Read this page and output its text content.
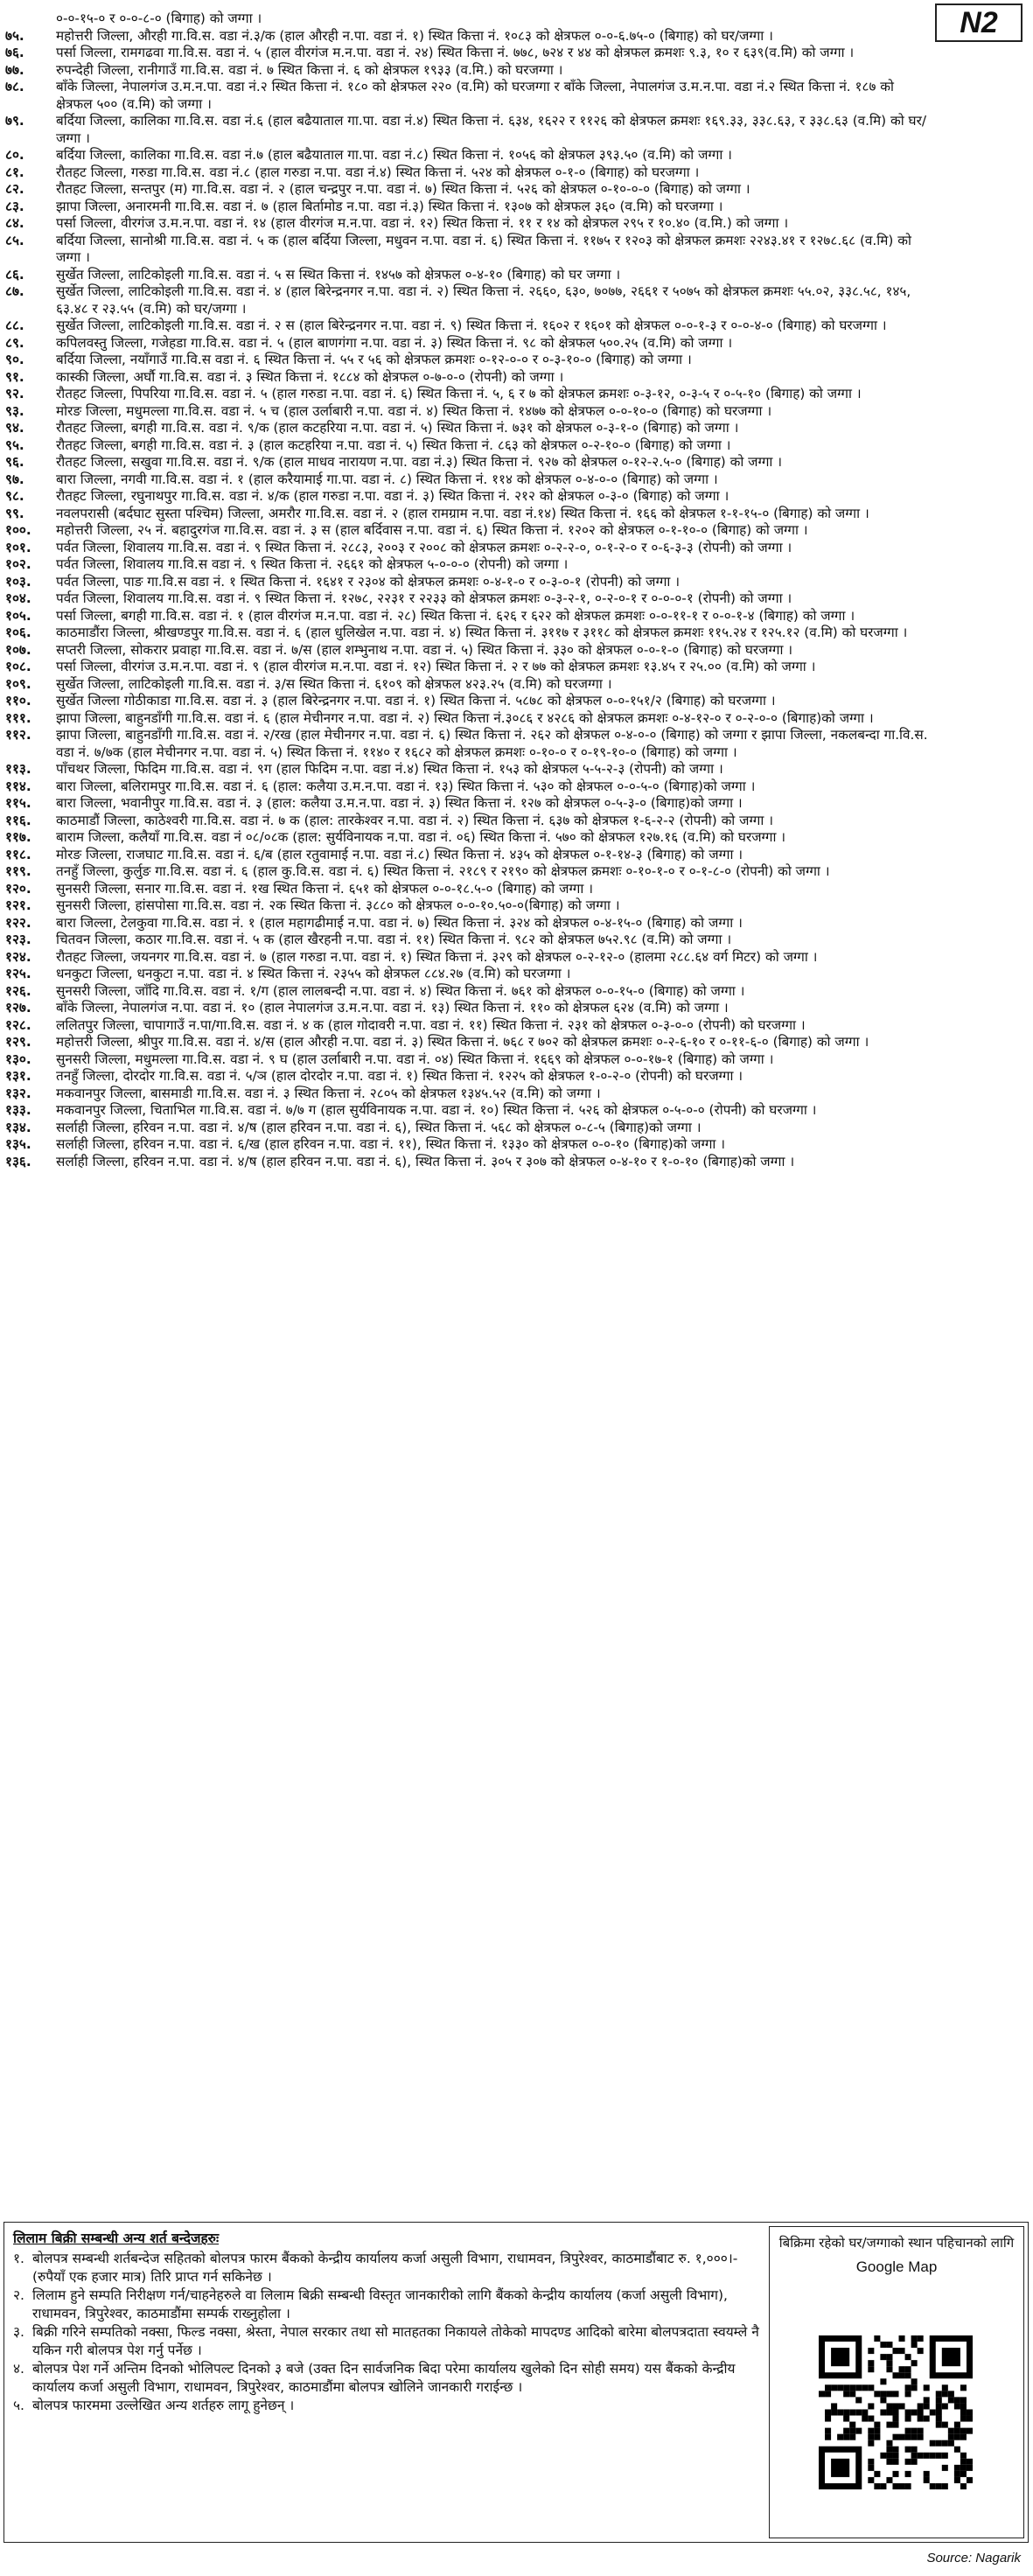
N2
०-०-१५-० र ०-०-८-० (बिगाह) को जग्गा ।
७५.	महोत्तरी जिल्ला, औरही गा.वि.स. वडा नं.३/क (हाल औरही न.पा. वडा नं. १) स्थित कित्ता नं. १०८३ को क्षेत्रफल ०-०-६.७५-० (बिगाह) को घर/जग्गा ।
७६.	पर्सा जिल्ला, रामगढवा गा.वि.स. वडा नं. ५ (हाल वीरगंज म.न.पा. वडा नं. २४) स्थित कित्ता नं. ७७८, ७२४ र ४४ को क्षेत्रफल क्रमशः ९.३, १० र ६३९(व.मि) को जग्गा ।
७७.	रुपन्देही जिल्ला, रानीगाउँ गा.वि.स. वडा नं. ७ स्थित कित्ता नं. ६ को क्षेत्रफल १९३३ (व.मि.) को घरजग्गा ।
७८.	बाँके जिल्ला, नेपालगंज उ.म.न.पा. वडा नं.२ स्थित कित्ता नं. १८० को क्षेत्रफल २२० (व.मि) को घरजग्गा र बाँके जिल्ला, नेपालगंज उ.म.न.पा. वडा नं.२ स्थित कित्ता नं. १८७ को क्षेत्रफल ५०० (व.मि) को जग्गा ।
७९.	बर्दिया जिल्ला, कालिका गा.वि.स. वडा नं.६ (हाल बढैयाताल गा.पा. वडा नं.४) स्थित कित्ता नं. ६३४, १६२२ र ११२६ को क्षेत्रफल क्रमशः १६९.३३, ३३८.६३, र ३३८.६३ (व.मि) को घर/जग्गा ।
८०.	बर्दिया जिल्ला, कालिका गा.वि.स. वडा नं.७ (हाल बढैयाताल गा.पा. वडा नं.८) स्थित कित्ता नं. १०५६ को क्षेत्रफल ३९३.५० (व.मि) को जग्गा ।
८१.	रौतहट जिल्ला, गरुडा गा.वि.स. वडा नं.८ (हाल गरुडा न.पा. वडा नं.४) स्थित कित्ता नं. ५२४ को क्षेत्रफल ०-१-० (बिगाह) को घरजग्गा ।
८२.	रौतहट जिल्ला, सन्तपुर (म) गा.वि.स. वडा नं. २ (हाल चन्द्रपुर न.पा. वडा नं. ७) स्थित कित्ता नं. ५२६ को क्षेत्रफल ०-१०-०-० (बिगाह) को जग्गा ।
८३.	झापा जिल्ला, अनारमनी गा.वि.स. वडा नं. ७ (हाल बिर्तामोड न.पा. वडा नं.३) स्थित कित्ता नं. १३०७ को क्षेत्रफल ३६० (व.मि) को घरजग्गा ।
८४.	पर्सा जिल्ला, वीरगंज उ.म.न.पा. वडा नं. १४ (हाल वीरगंज म.न.पा. वडा नं. १२) स्थित कित्ता नं. ११ र १४ को क्षेत्रफल २९५ र १०.४० (व.मि.) को जग्गा ।
८५.	बर्दिया जिल्ला, सानोश्री गा.वि.स. वडा नं. ५ क (हाल बर्दिया जिल्ला, मधुवन न.पा. वडा नं. ६) स्थित कित्ता नं. ११७५ र १२०३ को क्षेत्रफल क्रमशः २२४३.४१ र १२७८.६८ (व.मि) को जग्गा ।
८६.	सुर्खेत जिल्ला, लाटिकोइली गा.वि.स. वडा नं. ५ स स्थित कित्ता नं. १४५७ को क्षेत्रफल ०-४-१० (बिगाह) को घर जग्गा ।
८७.	सुर्खेत जिल्ला, लाटिकोइली गा.वि.स. वडा नं. ४ (हाल बिरेन्द्रनगर न.पा. वडा नं. २) स्थित कित्ता नं. २६६०, ६३०, ७०७७, २६६१ र ५०७५ को क्षेत्रफल क्रमशः ५५.०२, ३३८.५८, १४५, ६३.४८ र २३.५५ (व.मि) को घर/जग्गा ।
८८.	सुर्खेत जिल्ला, लाटिकोइली गा.वि.स. वडा नं. २ स (हाल बिरेन्द्रनगर न.पा. वडा नं. ९) स्थित कित्ता नं. १६०२ र १६०१ को क्षेत्रफल ०-०-१-३ र ०-०-४-० (बिगाह) को घरजग्गा ।
८९.	कपिलवस्तु जिल्ला, गजेहडा गा.वि.स. वडा नं. ५ (हाल बाणगंगा न.पा. वडा नं. ३) स्थित कित्ता नं. ९८ को क्षेत्रफल ५००.२५ (व.मि) को जग्गा ।
९०.	बर्दिया जिल्ला, नयाँगाउँ गा.वि.स वडा नं. ६ स्थित कित्ता नं. ५५ र ५६ को क्षेत्रफल क्रमशः ०-१२-०-० र ०-३-१०-० (बिगाह) को जग्गा ।
९१.	कास्की जिल्ला, अर्घौ गा.वि.स. वडा नं. ३ स्थित कित्ता नं. १८८४ को क्षेत्रफल ०-७-०-० (रोपनी) को जग्गा ।
९२.	रौतहट जिल्ला, पिपरिया गा.वि.स. वडा नं. ५ (हाल गरुडा न.पा. वडा नं. ६) स्थित कित्ता नं. ५, ६ र ७ को क्षेत्रफल क्रमशः ०-३-१२, ०-३-५ र ०-५-१० (बिगाह) को जग्गा ।
९३.	मोरङ जिल्ला, मधुमल्ला गा.वि.स. वडा नं. ५ च (हाल उर्लाबारी न.पा. वडा नं. ४) स्थित कित्ता नं. १४७७ को क्षेत्रफल ०-०-१०-० (बिगाह) को घरजग्गा ।
९४.	रौतहट जिल्ला, बगही गा.वि.स. वडा नं. ९/क (हाल कटहरिया न.पा. वडा नं. ५) स्थित कित्ता नं. ७३१ को क्षेत्रफल ०-३-१-० (बिगाह) को जग्गा ।
९५.	रौतहट जिल्ला, बगही गा.वि.स. वडा नं. ३ (हाल कटहरिया न.पा. वडा नं. ५) स्थित कित्ता नं. ८६३ को क्षेत्रफल ०-२-१०-० (बिगाह) को जग्गा ।
९६.	रौतहट जिल्ला, सखुवा गा.वि.स. वडा नं. ९/क (हाल माधव नारायण न.पा. वडा नं.३) स्थित कित्ता नं. ९२७ को क्षेत्रफल ०-१२-२.५-० (बिगाह) को जग्गा ।
९७.	बारा जिल्ला, नगवी गा.वि.स. वडा नं. १ (हाल करैयामाई गा.पा. वडा नं. ८) स्थित कित्ता नं. ११४ को क्षेत्रफल ०-४-०-० (बिगाह) को जग्गा ।
९८.	रौतहट जिल्ला, रघुनाथपुर गा.वि.स. वडा नं. ४/क (हाल गरुडा न.पा. वडा नं. ३) स्थित कित्ता नं. २१२ को क्षेत्रफल ०-३-० (बिगाह) को जग्गा ।
९९.	नवलपरासी (बर्दघाट सुस्ता पश्चिम) जिल्ला, अमरौर गा.वि.स. वडा नं. २ (हाल रामग्राम न.पा. वडा नं.१४) स्थित कित्ता नं. १६६ को क्षेत्रफल १-१-१५-० (बिगाह) को जग्गा ।
१००.	महोत्तरी जिल्ला, २५ नं. बहादुरगंज गा.वि.स. वडा नं. ३ स (हाल बर्दिवास न.पा. वडा नं. ६) स्थित कित्ता नं. १२०२ को क्षेत्रफल ०-१-१०-० (बिगाह) को जग्गा ।
१०१.	पर्वत जिल्ला, शिवालय गा.वि.स. वडा नं. ९ स्थित कित्ता नं. २८८३, २००३ र २००८ को क्षेत्रफल क्रमशः ०-२-२-०, ०-१-२-० र ०-६-३-३ (रोपनी) को जग्गा ।
१०२.	पर्वत जिल्ला, शिवालय गा.वि.स वडा नं. ९ स्थित कित्ता नं. २६६१ को क्षेत्रफल ५-०-०-० (रोपनी) को जग्गा ।
१०३.	पर्वत जिल्ला, पाङ गा.वि.स वडा नं. १ स्थित कित्ता नं. १६४१ र २३०४ को क्षेत्रफल क्रमशः ०-४-१-० र ०-३-०-१ (रोपनी) को जग्गा ।
१०४.	पर्वत जिल्ला, शिवालय गा.वि.स. वडा नं. ९ स्थित कित्ता नं. १२७८, २२३१ र २२३३ को क्षेत्रफल क्रमशः ०-३-२-१, ०-२-०-१ र ०-०-०-१ (रोपनी) को जग्गा ।
१०५.	पर्सा जिल्ला, बगही गा.वि.स. वडा नं. १ (हाल वीरगंज म.न.पा. वडा नं. २८) स्थित कित्ता नं. ६२६ र ६२२ को क्षेत्रफल क्रमशः ०-०-११-१ र ०-०-१-४ (बिगाह) को जग्गा ।
१०६.	काठमाडौंरा जिल्ला, श्रीखण्डपुर गा.वि.स. वडा नं. ६ (हाल धुलिखेल न.पा. वडा नं. ४) स्थित कित्ता नं. ३११७ र ३११८ को क्षेत्रफल क्रमशः ११५.२४ र १२५.१२ (व.मि) को घरजग्गा ।
१०७.	सप्तरी जिल्ला, सोकरार प्रवाहा गा.वि.स. वडा नं. ७/स (हाल शम्भुनाथ न.पा. वडा नं. ५) स्थित कित्ता नं. ३३० को क्षेत्रफल ०-०-१-० (बिगाह) को घरजग्गा ।
१०८.	पर्सा जिल्ला, वीरगंज उ.म.न.पा. वडा नं. ९ (हाल वीरगंज म.न.पा. वडा नं. १२) स्थित कित्ता नं. २ र ७७ को क्षेत्रफल क्रमशः १३.४५ र २५.०० (व.मि) को जग्गा ।
१०९.	सुर्खेत जिल्ला, लाटिकोइली गा.वि.स. वडा नं. ३/स स्थित कित्ता नं. ६१०९ को क्षेत्रफल ४२३.२५ (व.मि) को घरजग्गा ।
११०.	सुर्खेत जिल्ला गोठीकाडा गा.वि.स. वडा नं. ३ (हाल बिरेन्द्रनगर न.पा. वडा नं. १) स्थित कित्ता नं. ५८७८ को क्षेत्रफल ०-०-१५१/२ (बिगाह) को घरजग्गा ।
१११.	झापा जिल्ला, बाहुनडाँगी गा.वि.स. वडा नं. ६ (हाल मेचीनगर न.पा. वडा नं. २) स्थित कित्ता नं.३०८६ र ४२८६ को क्षेत्रफल क्रमशः ०-४-१२-० र ०-२-०-० (बिगाह)को जग्गा ।
११२.	झापा जिल्ला, बाहुनडाँगी गा.वि.स. वडा नं. २/रख (हाल मेचीनगर न.पा. वडा नं. ६) स्थित कित्ता नं. २६२ को क्षेत्रफल ०-४-०-० (बिगाह) को जग्गा र झापा जिल्ला, नकलबन्दा गा.वि.स. वडा नं. ७/७क (हाल मेचीनगर न.पा. वडा नं. ५) स्थित कित्ता नं. ११४० र १६८२ को क्षेत्रफल क्रमशः ०-१०-० र ०-१९-१०-० (बिगाह) को जग्गा ।
११३.	पाँचथर जिल्ला, फिदिम गा.वि.स. वडा नं. ९ग (हाल फिदिम न.पा. वडा नं.४) स्थित कित्ता नं. १५३ को क्षेत्रफल ५-५-२-३ (रोपनी) को जग्गा ।
११४.	बारा जिल्ला, बलिरामपुर गा.वि.स. वडा नं. ६ (हाल: कलैया उ.म.न.पा. वडा नं. १३) स्थित कित्ता नं. ५३० को क्षेत्रफल ०-०-५-० (बिगाह)को जग्गा ।
११५.	बारा जिल्ला, भवानीपुर गा.वि.स. वडा नं. ३ (हाल: कलैया उ.म.न.पा. वडा नं. ३) स्थित कित्ता नं. १२७ को क्षेत्रफल ०-५-३-० (बिगाह)को जग्गा ।
११६.	काठमाडौं जिल्ला, काठेश्वरी गा.वि.स. वडा नं. ७ क (हाल: तारकेश्वर न.पा. वडा नं. २) स्थित कित्ता नं. ६३७ को क्षेत्रफल १-६-२-२ (रोपनी) को जग्गा ।
११७.	बाराम जिल्ला, कलैयाँ गा.वि.स. वडा नं ०८/०८क (हाल: सुर्यविनायक न.पा. वडा नं. ०६) स्थित कित्ता नं. ५७० को क्षेत्रफल १२७.१६ (व.मि) को घरजग्गा ।
११८.	मोरङ जिल्ला, राजघाट गा.वि.स. वडा नं. ६/ब (हाल रतुवामाई न.पा. वडा नं.८) स्थित कित्ता नं. ४३५ को क्षेत्रफल ०-१-१४-३ (बिगाह) को जग्गा ।
११९.	तनहुँ जिल्ला, कुर्लुङ गा.वि.स. वडा नं. ६ (हाल कु.वि.स. वडा नं. ६) स्थित कित्ता नं. २१८९ र २१९० को क्षेत्रफल क्रमशः ०-१०-१-० र ०-१-८-० (रोपनी) को जग्गा ।
१२०.	सुनसरी जिल्ला, सनार गा.वि.स. वडा नं. १ख स्थित कित्ता नं. ६५१ को क्षेत्रफल ०-०-१८.५-० (बिगाह) को जग्गा ।
१२१.	सुनसरी जिल्ला, हांसपोसा गा.वि.स. वडा नं. २क स्थित कित्ता नं. ३८८० को क्षेत्रफल ०-०-१०.५०-०(बिगाह) को जग्गा ।
१२२.	बारा जिल्ला, टेलकुवा गा.वि.स. वडा नं. १ (हाल महागढीमाई न.पा. वडा नं. ७) स्थित कित्ता नं. ३२४ को क्षेत्रफल ०-४-१५-० (बिगाह) को जग्गा ।
१२३.	चितवन जिल्ला, कठार गा.वि.स. वडा नं. ५ क (हाल खैरहनी न.पा. वडा नं. ११) स्थित कित्ता नं. ९८२ को क्षेत्रफल ७५२.९८ (व.मि) को जग्गा ।
१२४.	रौतहट जिल्ला, जयनगर गा.वि.स. वडा नं. ७ (हाल गरुडा न.पा. वडा नं. १) स्थित कित्ता नं. ३२९ को क्षेत्रफल ०-२-१२-० (हालमा २८८.६४ वर्ग मिटर) को जग्गा ।
१२५.	धनकुटा जिल्ला, धनकुटा न.पा. वडा नं. ४ स्थित कित्ता नं. २३५५ को क्षेत्रफल ८८४.२७ (व.मि) को घरजग्गा ।
१२६.	सुनसरी जिल्ला, जाँदि गा.वि.स. वडा नं. १/ग (हाल लालबन्दी न.पा. वडा नं. ४) स्थित कित्ता नं. ७६१ को क्षेत्रफल ०-०-१५-० (बिगाह) को जग्गा ।
१२७.	बाँके जिल्ला, नेपालगंज न.पा. वडा नं. १० (हाल नेपालगंज उ.म.न.पा. वडा नं. १३) स्थित कित्ता नं. ११० को क्षेत्रफल ६२४ (व.मि) को जग्गा ।
१२८.	ललितपुर जिल्ला, चापागाउँ न.पा/गा.वि.स. वडा नं. ४ क (हाल गोदावरी न.पा. वडा नं. ११) स्थित कित्ता नं. २३१ को क्षेत्रफल ०-३-०-० (रोपनी) को घरजग्गा ।
१२९.	महोत्तरी जिल्ला, श्रीपुर गा.वि.स. वडा नं. ४/स (हाल औरही न.पा. वडा नं. ३) स्थित कित्ता नं. ७६८ र ७०२ को क्षेत्रफल क्रमशः ०-२-६-१० र ०-११-६-० (बिगाह) को जग्गा ।
१३०.	सुनसरी जिल्ला, मधुमल्ला गा.वि.स. वडा नं. ९ घ (हाल उर्लाबारी न.पा. वडा नं. ०४) स्थित कित्ता नं. १६६९ को क्षेत्रफल ०-०-१७-१ (बिगाह) को जग्गा ।
१३१.	तनहुँ जिल्ला, दोरदोर गा.वि.स. वडा नं. ५/ञ (हाल दोरदोर न.पा. वडा नं. १) स्थित कित्ता नं. १२२५ को क्षेत्रफल १-०-२-० (रोपनी) को घरजग्गा ।
१३२.	मकवानपुर जिल्ला, बासमाडी गा.वि.स. वडा नं. ३ स्थित कित्ता नं. २८०५ को क्षेत्रफल १३४५.५२ (व.मि) को जग्गा ।
१३३.	मकवानपुर जिल्ला, चिताभिल गा.वि.स. वडा नं. ७/७ ग (हाल सुर्यविनायक न.पा. वडा नं. १०) स्थित कित्ता नं. ५२६ को क्षेत्रफल ०-५-०-० (रोपनी) को घरजग्गा ।
१३४.	सर्लाही जिल्ला, हरिवन न.पा. वडा नं. ४/ष (हाल हरिवन न.पा. वडा नं. ६), स्थित कित्ता नं. ५६८ को क्षेत्रफल ०-८-५ (बिगाह)को जग्गा ।
१३५.	सर्लाही जिल्ला, हरिवन न.पा. वडा नं. ६/ख (हाल हरिवन न.पा. वडा नं. ११), स्थित कित्ता नं. १३३० को क्षेत्रफल ०-०-१० (बिगाह)को जग्गा ।
१३६.	सर्लाही जिल्ला, हरिवन न.पा. वडा नं. ४/ष (हाल हरिवन न.पा. वडा नं. ६), स्थित कित्ता नं. ३०५ र ३०७ को क्षेत्रफल ०-४-१० र १-०-१० (बिगाह)को जग्गा ।
लिलाम बिक्री सम्बन्धी अन्य शर्त बन्देजहरुः
१. बोलपत्र सम्बन्धी शर्तबन्देज सहितको बोलपत्र फारम बैंकको केन्द्रीय कार्यालय कर्जा असुली विभाग, राधामवन, त्रिपुरेश्वर, काठमाडौंबाट रु. १,०००।- (रुपैयाँ एक हजार मात्र) तिरि प्राप्त गर्न सकिनेछ ।
२. लिलाम हुने सम्पति निरीक्षण गर्न/चाहनेहरुले वा लिलाम बिक्री सम्बन्धी विस्तृत जानकारीको लागि बैंकको केन्द्रीय कार्यालय (कर्जा असुली विभाग), राधामवन, त्रिपुरेश्वर, काठमाडौंमा सम्पर्क राख्नुहोला ।
३. बिक्री गरिने सम्पतिको नक्सा, फिल्ड नक्सा, श्रेस्ता, नेपाल सरकार तथा सो मातहतका निकायले तोकेको मापदण्ड आदिको बारेमा बोलपत्रदाता स्वयम्ले नै यकिन गरी बोलपत्र पेश गर्नु पर्नेछ ।
४. बोलपत्र पेश गर्ने अन्तिम दिनको भोलिपल्ट दिनको ३ बजे (उक्त दिन सार्वजनिक बिदा परेमा कार्यालय खुलेको दिन सोही समय) यस बैंकको केन्द्रीय कार्यालय कर्जा असुली विभाग, राधामवन, त्रिपुरेश्वर, काठमाडौंमा बोलपत्र खोलिने जानकारी गराईन्छ ।
५. बोलपत्र फारममा उल्लेखित अन्य शर्तहरु लागू हुनेछन् ।
बिक्रिमा रहेको घर/जग्गाको स्थान पहिचानको लागि
Google Map
Source: Nagarik
